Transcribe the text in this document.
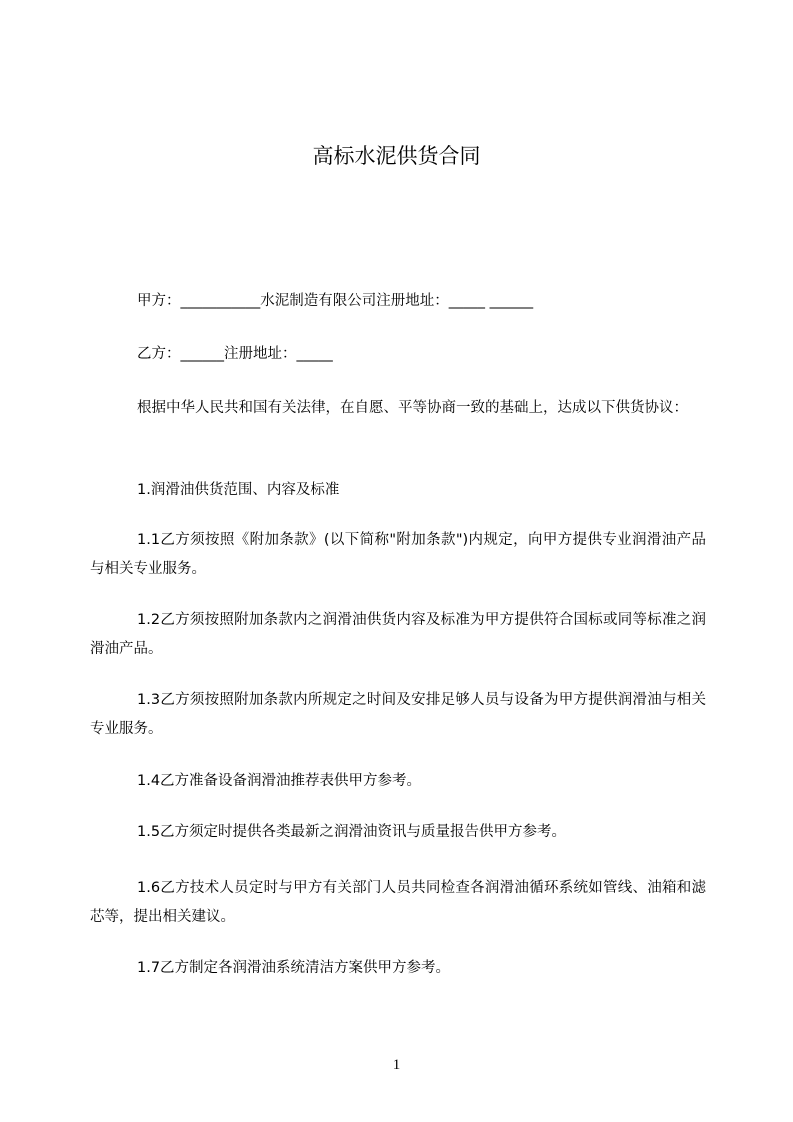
高标水泥供货合同
甲方：___________水泥制造有限公司注册地址：_____ ______
乙方：______注册地址：_____
根据中华人民共和国有关法律，在自愿、平等协商一致的基础上，达成以下供货协议：
1.润滑油供货范围、内容及标准
1.1乙方须按照《附加条款》(以下简称"附加条款")内规定，向甲方提供专业润滑油产品与相关专业服务。
1.2乙方须按照附加条款内之润滑油供货内容及标准为甲方提供符合国标或同等标准之润滑油产品。
1.3乙方须按照附加条款内所规定之时间及安排足够人员与设备为甲方提供润滑油与相关专业服务。
1.4乙方准备设备润滑油推荐表供甲方参考。
1.5乙方须定时提供各类最新之润滑油资讯与质量报告供甲方参考。
1.6乙方技术人员定时与甲方有关部门人员共同检查各润滑油循环系统如管线、油箱和滤芯等，提出相关建议。
1.7乙方制定各润滑油系统清洁方案供甲方参考。
1
